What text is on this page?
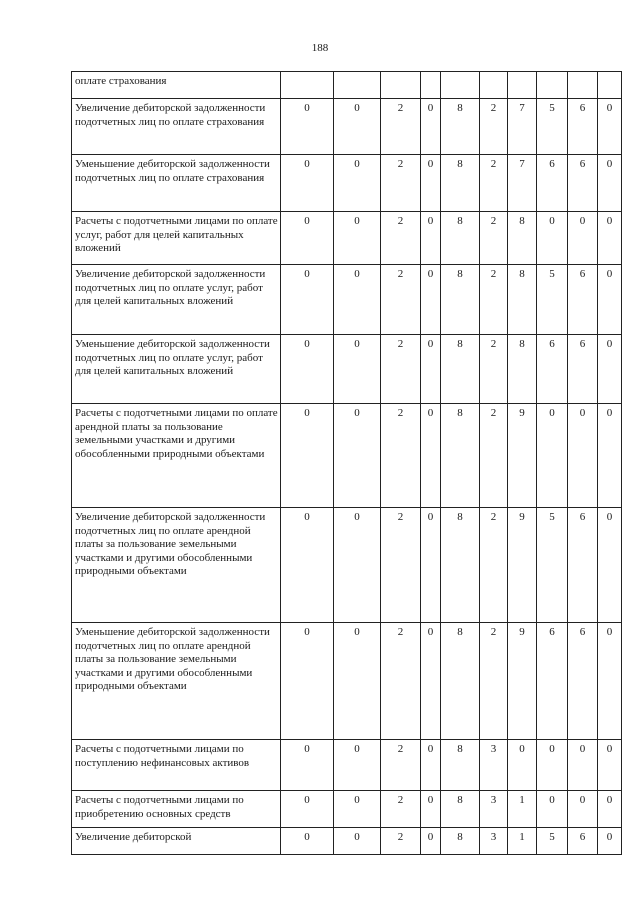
188
оплате страхования										
Увеличение дебиторской задолженности подотчетных лиц по оплате страхования	0	0	2	0	8	2	7	5	6	0
Уменьшение дебиторской задолженности подотчетных лиц по оплате страхования	0	0	2	0	8	2	7	6	6	0
Расчеты с подотчетными лицами по оплате услуг, работ для целей капитальных вложений	0	0	2	0	8	2	8	0	0	0
Увеличение дебиторской задолженности подотчетных лиц по оплате услуг, работ для целей капитальных вложений	0	0	2	0	8	2	8	5	6	0
Уменьшение дебиторской задолженности подотчетных лиц по оплате услуг, работ для целей капитальных вложений	0	0	2	0	8	2	8	6	6	0
Расчеты с подотчетными лицами по оплате арендной платы за пользование земельными участками и другими обособленными природными объектами	0	0	2	0	8	2	9	0	0	0
Увеличение дебиторской задолженности подотчетных лиц по оплате арендной платы за пользование земельными участками и другими обособленными природными объектами	0	0	2	0	8	2	9	5	6	0
Уменьшение дебиторской задолженности подотчетных лиц по оплате арендной платы за пользование земельными участками и другими обособленными природными объектами	0	0	2	0	8	2	9	6	6	0
Расчеты с подотчетными лицами по поступлению нефинансовых активов	0	0	2	0	8	3	0	0	0	0
Расчеты с подотчетными лицами по приобретению основных средств	0	0	2	0	8	3	1	0	0	0
Увеличение дебиторской	0	0	2	0	8	3	1	5	6	0
